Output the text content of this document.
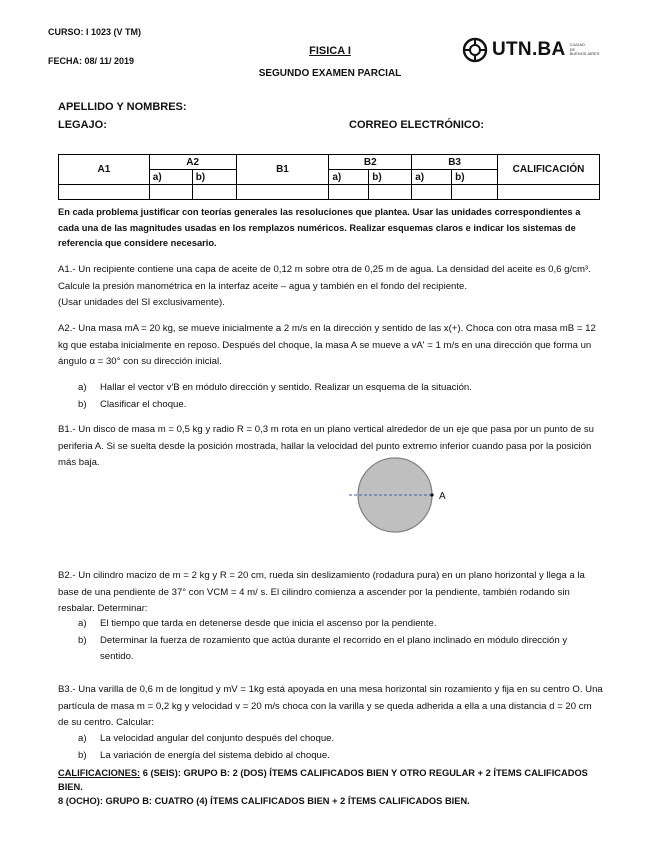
CURSO: I 1023 (V TM)
FECHA: 08/ 11/ 2019
FISICA I
SEGUNDO EXAMEN PARCIAL
UTN.BA CIUDAD
DE
BUENOS AIRES
APELLIDO Y NOMBRES:
LEGAJO:	CORREO ELECTRÓNICO:
A1	A2		B1	B2		B3		CALIFICACIÓN
	a)	b)		a)	b)	a)	b)	

En cada problema justificar con teorías generales las resoluciones que plantea. Usar las unidades correspondientes a cada una de las magnitudes usadas en los remplazos numéricos. Realizar esquemas claros e indicar los sistemas de referencia que considere necesario.
A1.- Un recipiente contiene una capa de aceite de 0,12 m sobre otra de 0,25 m de agua. La densidad del aceite es 0,6 g/cm³. Calcule la presión manométrica en la interfaz aceite – agua y también en el fondo del recipiente.
(Usar unidades del SI exclusivamente).
A2.- Una masa mA = 20 kg, se mueve inicialmente a 2 m/s en la dirección y sentido de las x(+). Choca con otra masa mB = 12 kg que estaba inicialmente en reposo. Después del choque, la masa A se mueve a vA' = 1 m/s en una dirección que forma un ángulo α = 30° con su dirección inicial.
a) Hallar el vector v'B en módulo dirección y sentido. Realizar un esquema de la situación.
b) Clasificar el choque.
B1.- Un disco de masa m = 0,5 kg y radio R = 0,3 m rota en un plano vertical alrededor de un eje que pasa por un punto de su periferia A. Si se suelta desde la posición mostrada, hallar la velocidad del punto extremo inferior cuando pasa por la posición más baja.
A
B2.- Un cilindro macizo de m = 2 kg y R = 20 cm, rueda sin deslizamiento (rodadura pura) en un plano horizontal y llega a la base de una pendiente de 37° con VCM = 4 m/ s. El cilindro comienza a ascender por la pendiente, también rodando sin resbalar. Determinar:
a) El tiempo que tarda en detenerse desde que inicia el ascenso por la pendiente.
b) Determinar la fuerza de rozamiento que actúa durante el recorrido en el plano inclinado en módulo dirección y sentido.
B3.- Una varilla de 0,6 m de longitud y mV = 1kg está apoyada en una mesa horizontal sin rozamiento y fija en su centro O. Una partícula de masa m = 0,2 kg y velocidad v = 20 m/s choca con la varilla y se queda adherida a ella a una distancia d = 20 cm de su centro. Calcular:
a) La velocidad angular del conjunto después del choque.
b) La variación de energía del sistema debido al choque.
CALIFICACIONES: 6 (SEIS): GRUPO B: 2 (DOS) ÍTEMS CALIFICADOS BIEN Y OTRO REGULAR + 2 ÍTEMS CALIFICADOS BIEN.
8 (OCHO): GRUPO B: CUATRO (4) ÍTEMS CALIFICADOS BIEN + 2 ÍTEMS CALIFICADOS BIEN.
